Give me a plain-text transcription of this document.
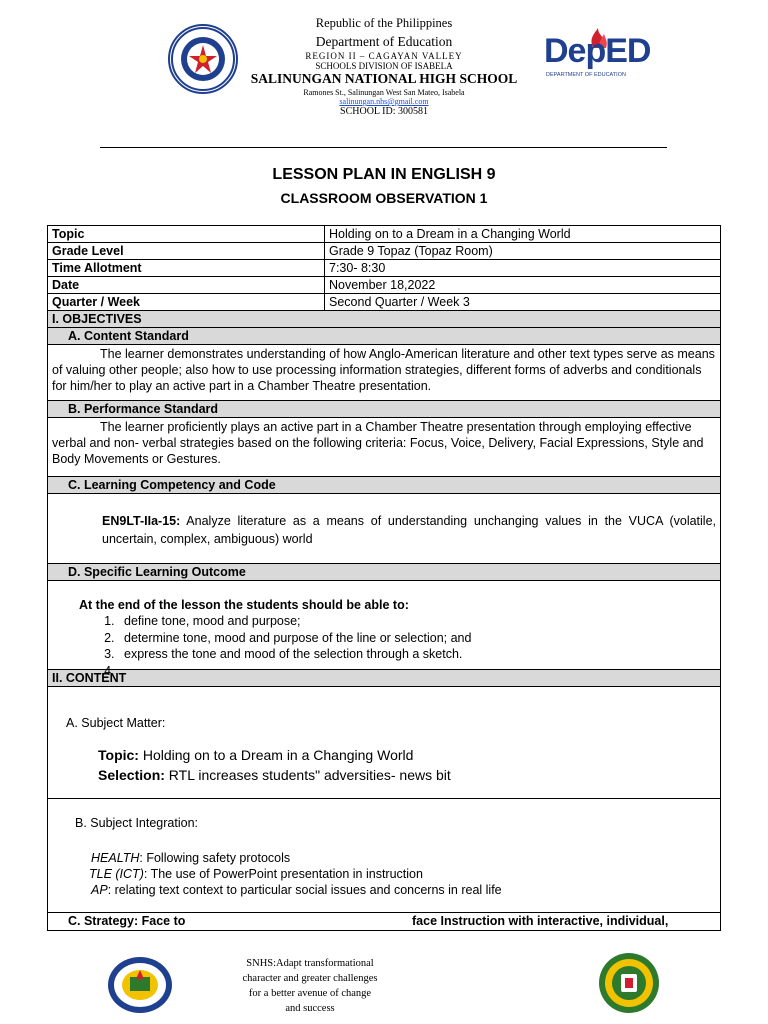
Republic of the Philippines
Department of Education
REGION II – CAGAYAN VALLEY
SCHOOLS DIVISION OF ISABELA
SALINUNGAN NATIONAL HIGH SCHOOL
Ramones St., Salinungan West San Mateo, Isabela
salinungan.nhs@gmail.com
SCHOOL ID: 300581
DepED
DEPARTMENT OF EDUCATION
LESSON PLAN IN ENGLISH 9
CLASSROOM OBSERVATION 1
Topic	Holding on to a Dream in a Changing World
Grade Level	Grade 9 Topaz (Topaz Room)
Time Allotment	7:30- 8:30
Date	November 18,2022
Quarter / Week	Second Quarter / Week 3
I. OBJECTIVES
A. Content Standard
The learner demonstrates understanding of how Anglo-American literature and other text types serve as means of valuing other people; also how to use processing information strategies, different forms of adverbs and conditionals for him/her to play an active part in a Chamber Theatre presentation.
B. Performance Standard
The learner proficiently plays an active part in a Chamber Theatre presentation through employing effective verbal and non- verbal strategies based on the following criteria: Focus, Voice, Delivery, Facial Expressions, Style and Body Movements or Gestures.
C. Learning Competency and Code
EN9LT-IIa-15: Analyze literature as a means of understanding unchanging values in the VUCA (volatile, uncertain, complex, ambiguous) world
D. Specific Learning Outcome
At the end of the lesson the students should be able to:
1. define tone, mood and purpose;
2. determine tone, mood and purpose of the line or selection; and
3. express the tone and mood of the selection through a sketch.
4.
II. CONTENT
A. Subject Matter:
Topic: Holding on to a Dream in a Changing World
Selection: RTL increases students" adversities- news bit
B. Subject Integration:
HEALTH: Following safety protocols
TLE (ICT): The use of PowerPoint presentation in instruction
AP: relating text context to particular social issues and concerns in real life
C. Strategy: Face to	face Instruction with interactive, individual,
SNHS:Adapt transformational
character and greater challenges
for a better avenue of change
and success
